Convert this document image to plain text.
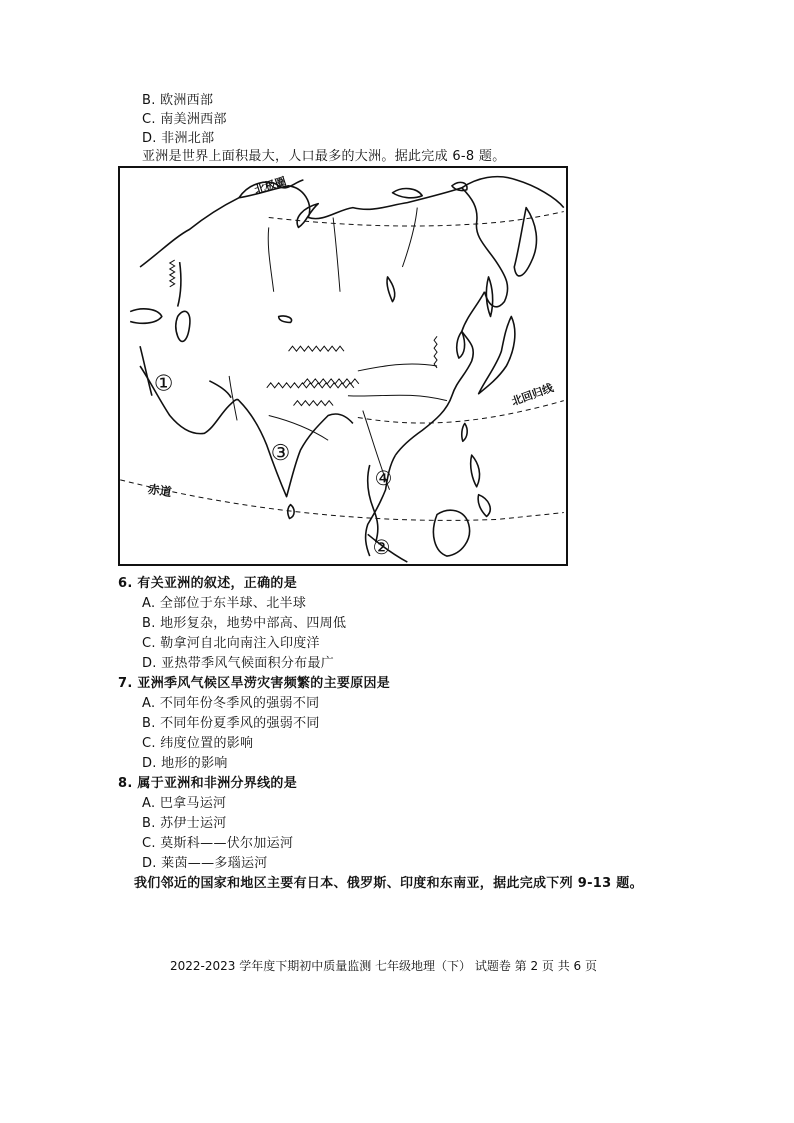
B. 欧洲西部
C. 南美洲西部
D. 非洲北部
亚洲是世界上面积最大，人口最多的大洲。据此完成 6-8 题。
北极圈
北回归线
赤道
①
②
③
④
6. 有关亚洲的叙述，正确的是
A. 全部位于东半球、北半球
B. 地形复杂，地势中部高、四周低
C. 勒拿河自北向南注入印度洋
D. 亚热带季风气候面积分布最广
7. 亚洲季风气候区旱涝灾害频繁的主要原因是
A. 不同年份冬季风的强弱不同
B. 不同年份夏季风的强弱不同
C. 纬度位置的影响
D. 地形的影响
8. 属于亚洲和非洲分界线的是
A. 巴拿马运河
B. 苏伊士运河
C. 莫斯科——伏尔加运河
D. 莱茵——多瑙运河
我们邻近的国家和地区主要有日本、俄罗斯、印度和东南亚，据此完成下列 9-13 题。
2022-2023 学年度下期初中质量监测 七年级地理（下） 试题卷 第 2 页 共 6 页
